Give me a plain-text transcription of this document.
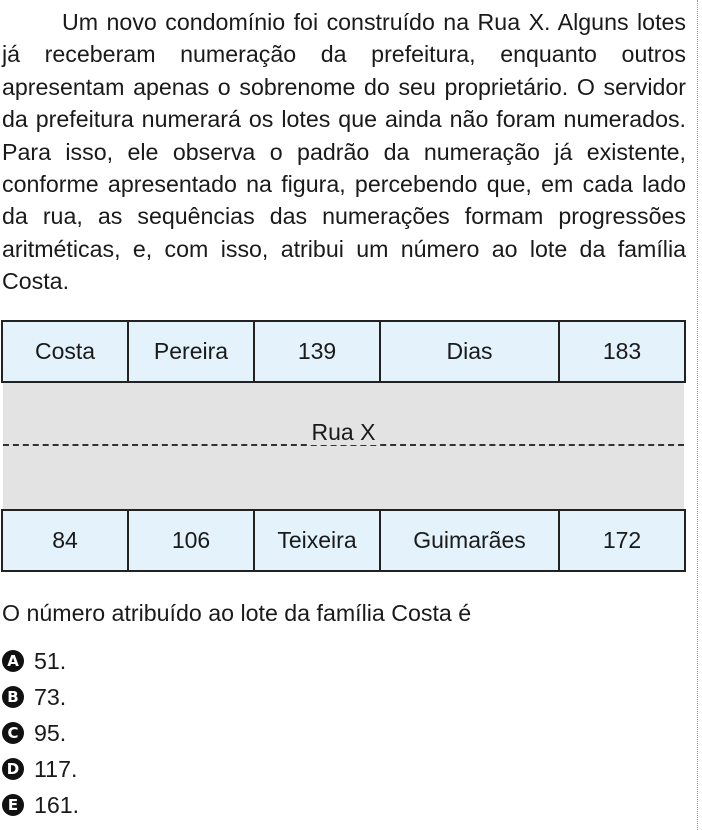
Um novo condomínio foi construído na Rua X. Alguns lotes já receberam numeração da prefeitura, enquanto outros apresentam apenas o sobrenome do seu proprietário. O servidor da prefeitura numerará os lotes que ainda não foram numerados. Para isso, ele observa o padrão da numeração já existente, conforme apresentado na figura, percebendo que, em cada lado da rua, as sequências das numerações formam progressões aritméticas, e, com isso, atribui um número ao lote da família Costa.

Costa	Pereira	139	Dias	183
Rua X
84	106	Teixeira	Guimarães	172
O número atribuído ao lote da família Costa é
A 51.
B 73.
C 95.
D 117.
E 161.
